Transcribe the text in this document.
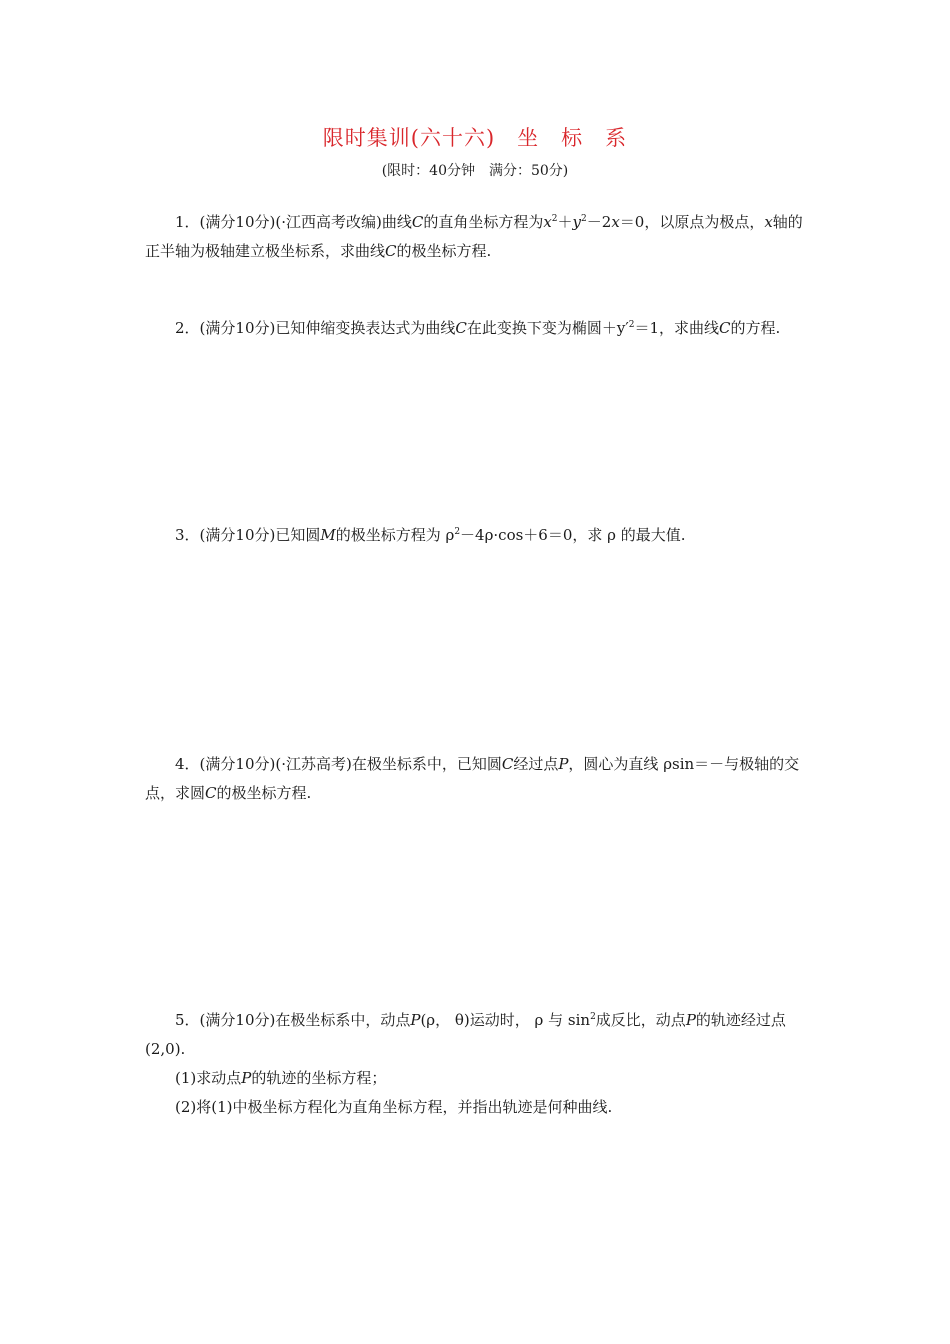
限时集训(六十六)　坐　标　系
(限时：40分钟　满分：50分)
1．(满分10分)(·江西高考改编)曲线C的直角坐标方程为$x^2+y^2-2x=0$，以原点为极点，x轴的正半轴为极轴建立极坐标系，求曲线C的极坐标方程.
2．(满分10分)已知伸缩变换表达式为曲线C在此变换下变为椭圆$+y'^2=1$，求曲线C的方程.
3．(满分10分)已知圆M的极坐标方程为 $\rho^2-4\rho\cdot\cos+6=0$，求 ρ 的最大值.
4．(满分10分)(·江苏高考)在极坐标系中，已知圆C经过点P，圆心为直线 ρsin＝－与极轴的交点，求圆C的极坐标方程.
5．(满分10分)在极坐标系中，动点P(ρ， θ)运动时， ρ 与 $\sin^2$成反比，动点P的轨迹经过点(2,0).
(1)求动点P的轨迹的坐标方程；
(2)将(1)中极坐标方程化为直角坐标方程，并指出轨迹是何种曲线.
